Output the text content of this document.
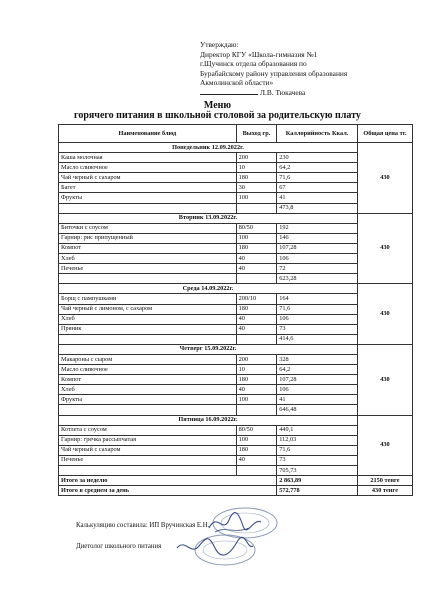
Утверждаю:
Директор КГУ «Школа-гимназия №1
г.Щучинск отдела образования по
Бурабайскому району управления образования
Акмолинской области»
Л.В. Тюкачева
Меню
горячего питания в школьной столовой за родительскую плату
Наименование блюд	Выход гр.	Каллорийность Ккал.	Общая цена тг.
Понедельник 12.09.2022г.			430
Каша молочная	200	230	
Масло сливочное	10	64,2	
Чай черный с сахаром	180	71,6	
Багет	30	67	
Фрукты	100	41	
		473,8	
Вторник 13.09.2022г.			430
Биточки с соусом	80/50	192	
Гарнир: рис припущенный	100	146	
Компот	180	107,28	
Хлеб	40	106	
Печенье	40	72	
		623,28	
Среда 14.09.2022г.			430
Борщ с пампушками	200/10	164	
Чай черный с лимоном, с сахаром	180	71,6	
Хлеб	40	106	
Пряник	40	73	
		414,6	
Четверг 15.09.2022г.			430
Макароны с сыром	200	328	
Масло сливочное	10	64,2	
Компот	180	107,28	
Хлеб	40	106	
Фрукты	100	41	
		646,48	
Пятница 16.09.2022г.			430
Котлета с соусом	80/50	449,1	
Гарнир: гречка рассыпчатая	100	112,03	
Чай черный с сахаром	180	71,6	
Печенье	40	73	
		705,73	
Итого за неделю		2 863,89	2150 тенге
Итого в среднем за день		572,778	430 тенге
Калькуляцию составила: ИП Вручинская Е.Н.
Диетолог школьного питания
